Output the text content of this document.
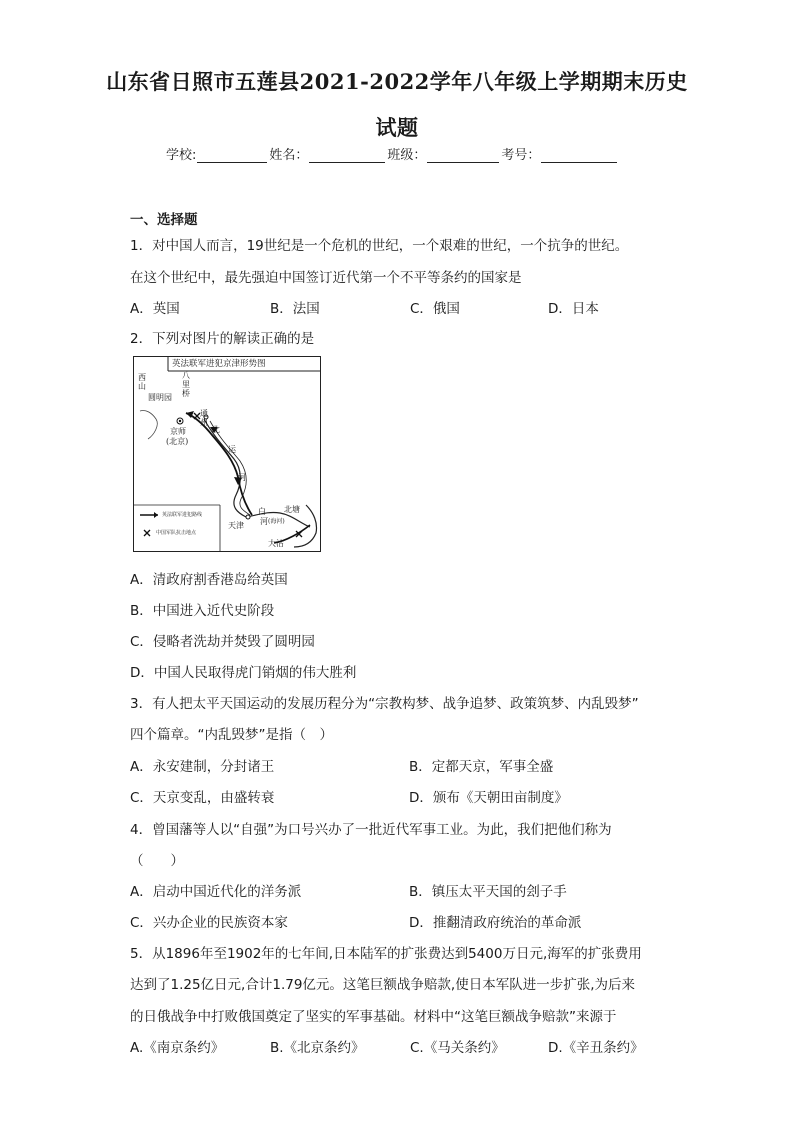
山东省日照市五莲县2021-2022学年八年级上学期期末历史
试题
学校:	姓名：	班级：	考号：
一、选择题
1．对中国人而言，19世纪是一个危机的世纪，一个艰难的世纪，一个抗争的世纪。
在这个世纪中，最先强迫中国签订近代第一个不平等条约的国家是
A．英国	B．法国	C．俄国	D．日本
2．下列对图片的解读正确的是
英法联军进犯京津形势图
西山
圆明园
八里桥
通州
北
京师
(北京)
运
河
白
河 (海河)
北塘
天津
大沽
英法联军进犯路线
中国军队抗击地点
A．清政府割香港岛给英国
B．中国进入近代史阶段
C．侵略者洗劫并焚毁了圆明园
D．中国人民取得虎门销烟的伟大胜利
3．有人把太平天国运动的发展历程分为“宗教构梦、战争追梦、政策筑梦、内乱毁梦”
四个篇章。“内乱毁梦”是指（　）
A．永安建制，分封诸王	B．定都天京，军事全盛
C．天京变乱，由盛转衰	D．颁布《天朝田亩制度》
4．曾国藩等人以“自强”为口号兴办了一批近代军事工业。为此，我们把他们称为
（　　）
A．启动中国近代化的洋务派	B．镇压太平天国的刽子手
C．兴办企业的民族资本家	D．推翻清政府统治的革命派
5．从1896年至1902年的七年间,日本陆军的扩张费达到5400万日元,海军的扩张费用
达到了1.25亿日元,合计1.79亿元。这笔巨额战争赔款,使日本军队进一步扩张,为后来
的日俄战争中打败俄国奠定了坚实的军事基础。材料中“这笔巨额战争赔款”来源于
A.《南京条约》	B.《北京条约》	C.《马关条约》	D.《辛丑条约》
